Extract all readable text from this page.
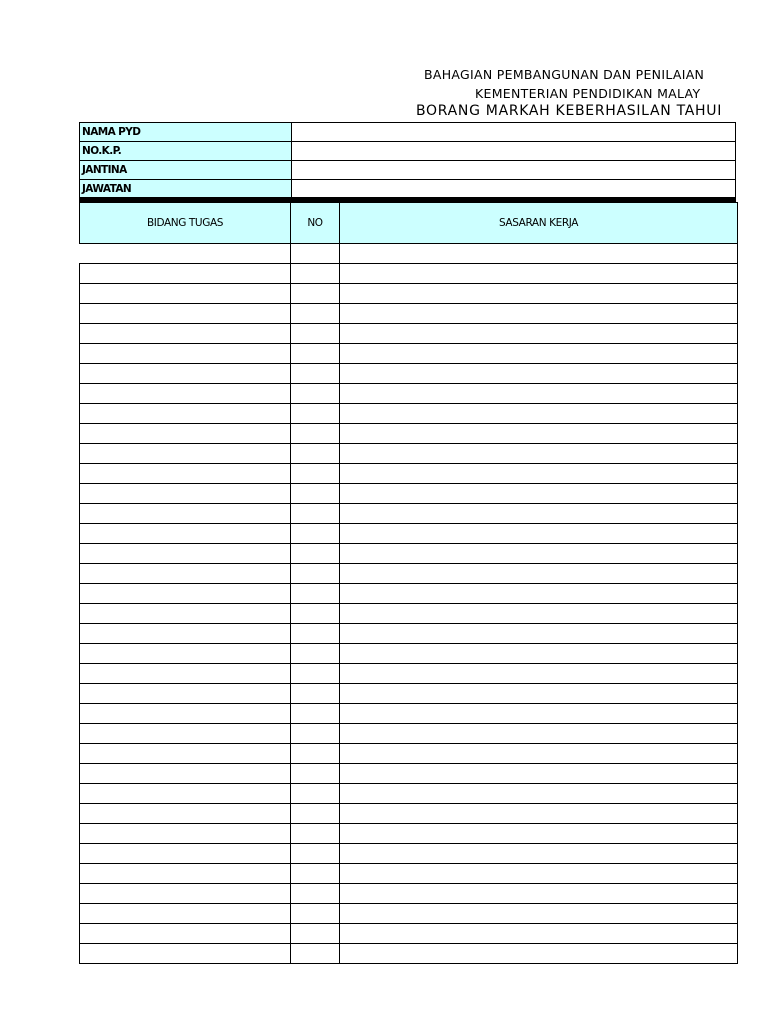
BAHAGIAN PEMBANGUNAN DAN PENILAIAN
KEMENTERIAN PENDIDIKAN MALAY
BORANG MARKAH KEBERHASILAN TAHUI
NAMA PYD	
NO.K.P.	
JANTINA	
JAWATAN	
BIDANG TUGAS	NO	SASARAN KERJA
